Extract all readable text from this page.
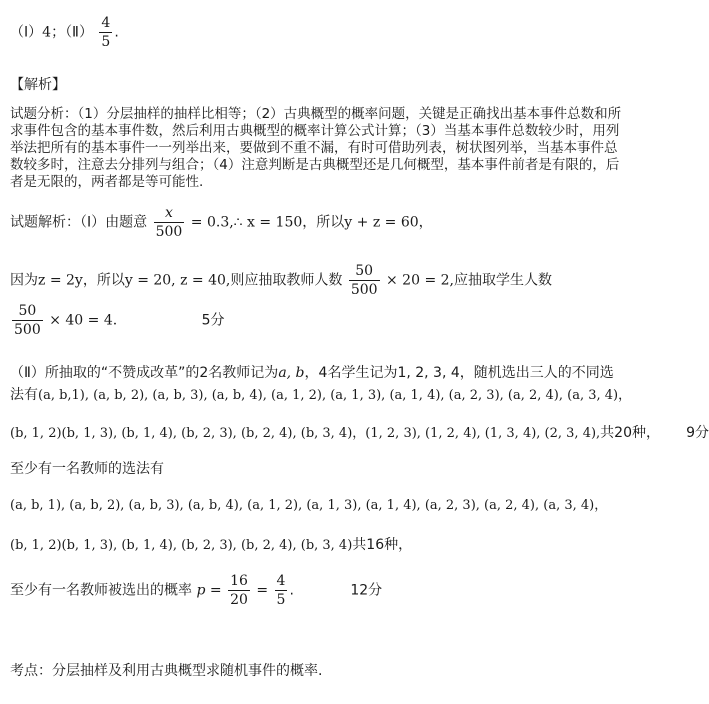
（Ⅰ）4；（Ⅱ） $\frac{4}{5}$ .
【解析】
试题分析：（1）分层抽样的抽样比相等；（2）古典概型的概率问题，关键是正确找出基本事件总数和所求事件包含的基本事件数，然后利用古典概型的概率计算公式计算；（3）当基本事件总数较少时，用列举法把所有的基本事件一一列举出来，要做到不重不漏，有时可借助列表，树状图列举，当基本事件总数较多时，注意去分排列与组合；（4）注意判断是古典概型还是几何概型，基本事件前者是有限的，后者是无限的，两者都是等可能性.
试题解析：（Ⅰ）由题意 $\frac{x}{500}$ = 0.3,∴ x = 150，所以y + z = 60，
因为z = 2y，所以y = 20, z = 40,则应抽取教师人数 $\frac{50}{500} \times 20 = 2$,应抽取学生人数
$\frac{50}{500} \times 40 = 4$.	5分
（Ⅱ）所抽取的“不赞成改革”的2名教师记为a, b，4名学生记为1, 2, 3, 4，随机选出三人的不同选
法有(a, b,1), (a, b, 2), (a, b, 3), (a, b, 4), (a, 1, 2), (a, 1, 3), (a, 1, 4), (a, 2, 3), (a, 2, 4), (a, 3, 4)，
(b, 1, 2)(b, 1, 3), (b, 1, 4), (b, 2, 3), (b, 2, 4), (b, 3, 4)，(1, 2, 3), (1, 2, 4), (1, 3, 4), (2, 3, 4),共20种， 9分
至少有一名教师的选法有
(a, b, 1), (a, b, 2), (a, b, 3), (a, b, 4), (a, 1, 2), (a, 1, 3), (a, 1, 4), (a, 2, 3), (a, 2, 4), (a, 3, 4)，
(b, 1, 2)(b, 1, 3), (b, 1, 4), (b, 2, 3), (b, 2, 4), (b, 3, 4)共16种，
至少有一名教师被选出的概率 $p = \frac{16}{20} = \frac{4}{5}$ .	12分
考点：分层抽样及利用古典概型求随机事件的概率.
